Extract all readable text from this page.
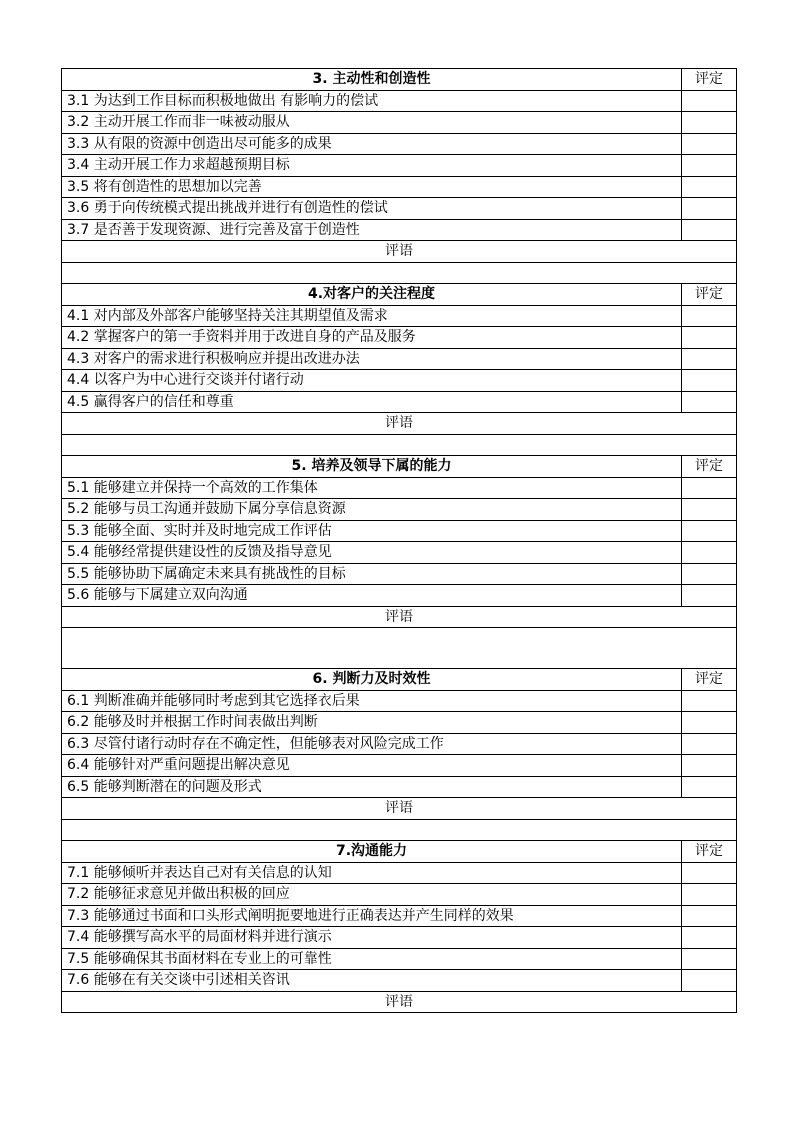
3. 主动性和创造性	评定
3.1 为达到工作目标而积极地做出 有影响力的偿试	
3.2 主动开展工作而非一味被动服从	
3.3 从有限的资源中创造出尽可能多的成果	
3.4 主动开展工作力求超越预期目标	
3.5 将有创造性的思想加以完善	
3.6 勇于向传统模式提出挑战并进行有创造性的偿试	
3.7 是否善于发现资源、进行完善及富于创造性	
评语	

4.对客户的关注程度	评定
4.1 对内部及外部客户能够坚持关注其期望值及需求	
4.2 掌握客户的第一手资料并用于改进自身的产品及服务	
4.3 对客户的需求进行积极响应并提出改进办法	
4.4 以客户为中心进行交谈并付诸行动	
4.5 赢得客户的信任和尊重	
评语	

5. 培养及领导下属的能力	评定
5.1 能够建立并保持一个高效的工作集体	
5.2 能够与员工沟通并鼓励下属分享信息资源	
5.3 能够全面、实时并及时地完成工作评估	
5.4 能够经常提供建设性的反馈及指导意见	
5.5 能够协助下属确定未来具有挑战性的目标	
5.6 能够与下属建立双向沟通	
评语	

6. 判断力及时效性	评定
6.1 判断准确并能够同时考虑到其它选择衣后果	
6.2 能够及时并根据工作时间表做出判断	
6.3 尽管付诸行动时存在不确定性，但能够表对风险完成工作	
6.4 能够针对严重问题提出解决意见	
6.5 能够判断潜在的问题及形式	
评语	

7.沟通能力	评定
7.1 能够倾听并表达自己对有关信息的认知	
7.2 能够征求意见并做出积极的回应	
7.3 能够通过书面和口头形式阐明扼要地进行正确表达并产生同样的效果	
7.4 能够撰写高水平的局面材料并进行演示	
7.5 能够确保其书面材料在专业上的可靠性	
7.6 能够在有关交谈中引述相关咨讯	
评语	
